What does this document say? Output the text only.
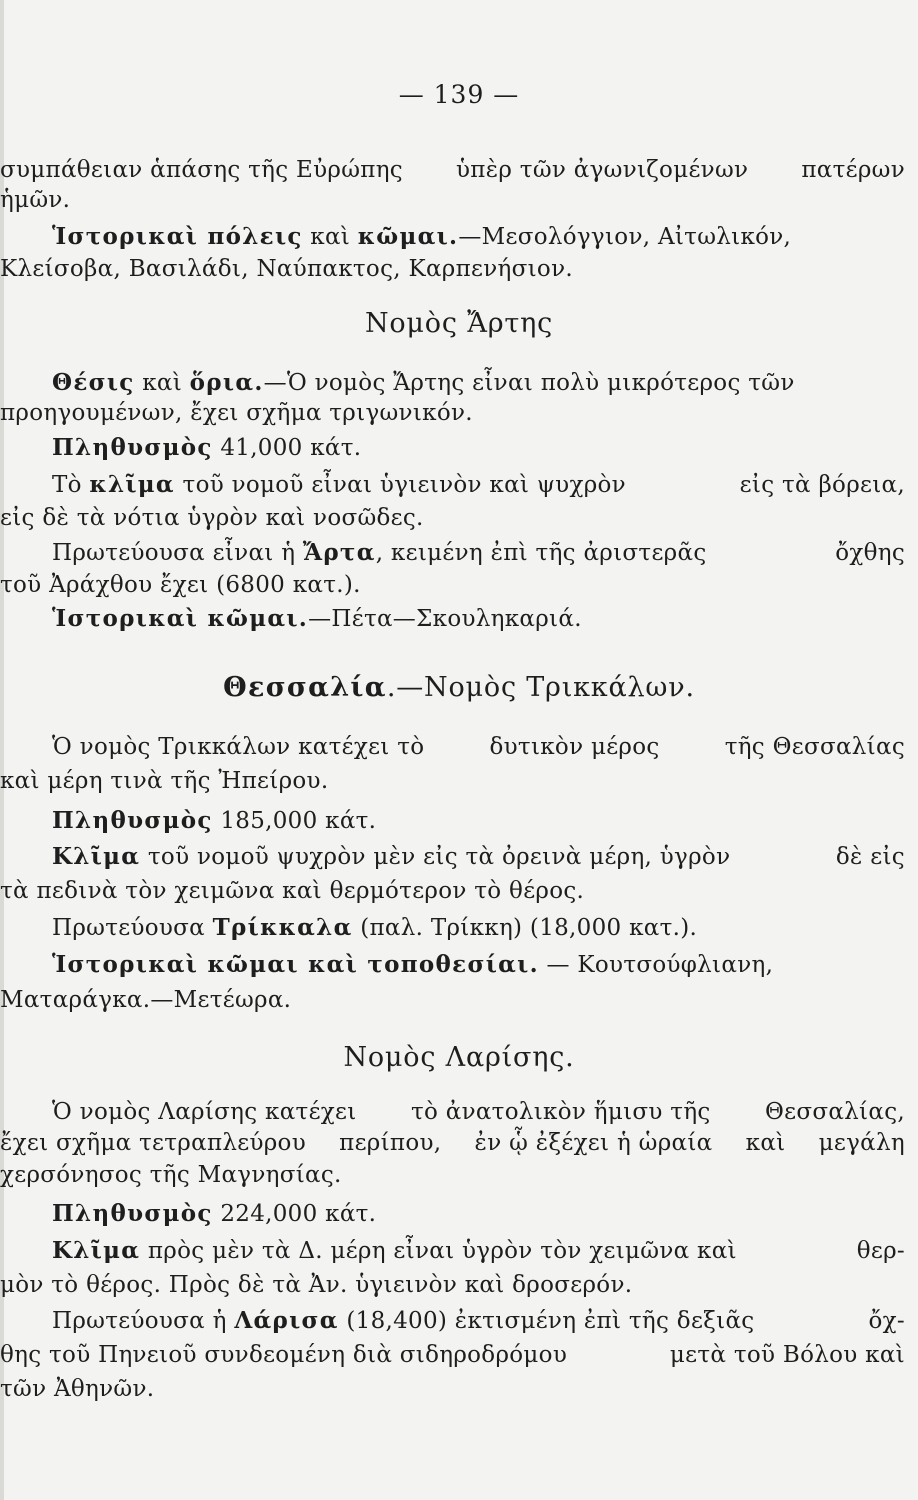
— 139 —
συμπάθειαν ἁπάσης τῆς Εὐρώπης ὑπὲρ τῶν ἀγωνιζομένων πατέρων
ἡμῶν.
Ἱστορικαὶ πόλεις καὶ κῶμαι.—Μεσολόγγιον, Αἰτωλικόν,
Κλείσοβα, Βασιλάδι, Ναύπακτος, Καρπενήσιον.
Νομὸς Ἄρτης
Θέσις καὶ ὅρια.—Ὁ νομὸς Ἄρτης εἶναι πολὺ μικρότερος τῶν
προηγουμένων, ἔχει σχῆμα τριγωνικόν.
Πληθυσμὸς 41,000 κάτ.
Τὸ κλῖμα τοῦ νομοῦ εἶναι ὑγιεινὸν καὶ ψυχρὸν	εἰς τὰ βόρεια,
εἰς δὲ τὰ νότια ὑγρὸν καὶ νοσῶδες.
Πρωτεύουσα εἶναι ἡ Ἄρτα, κειμένη ἐπὶ τῆς ἀριστερᾶς	ὄχθης
τοῦ Ἀράχθου ἔχει (6800 κατ.).
Ἱστορικαὶ κῶμαι.—Πέτα—Σκουληκαριά.
Θεσσαλία.—Νομὸς Τρικκάλων.
Ὁ νομὸς Τρικκάλων κατέχει τὸ	δυτικὸν μέρος	τῆς Θεσσαλίας
καὶ μέρη τινὰ τῆς Ἠπείρου.
Πληθυσμὸς 185,000 κάτ.
Κλῖμα τοῦ νομοῦ ψυχρὸν μὲν εἰς τὰ ὀρεινὰ μέρη, ὑγρὸν	δὲ εἰς
τὰ πεδινὰ τὸν χειμῶνα καὶ θερμότερον τὸ θέρος.
Πρωτεύουσα Τρίκκαλα (παλ. Τρίκκη) (18,000 κατ.).
Ἱστορικαὶ κῶμαι καὶ τοποθεσίαι. — Κουτσούφλιανη,
Ματαράγκα.—Μετέωρα.
Νομὸς Λαρίσης.
Ὁ νομὸς Λαρίσης κατέχει τὸ ἀνατολικὸν ἥμισυ τῆς Θεσσαλίας,
ἔχει σχῆμα τετραπλεύρου περίπου, ἐν ᾧ ἐξέχει ἡ ὡραία καὶ μεγάλη
χερσόνησος τῆς Μαγνησίας.
Πληθυσμὸς 224,000 κάτ.
Κλῖμα πρὸς μὲν τὰ Δ. μέρη εἶναι ὑγρὸν τὸν χειμῶνα καὶ	θερ-
μὸν τὸ θέρος. Πρὸς δὲ τὰ Ἀν. ὑγιεινὸν καὶ δροσερόν.
Πρωτεύουσα ἡ Λάρισα (18,400) ἐκτισμένη ἐπὶ τῆς δεξιᾶς	ὄχ-
θης τοῦ Πηνειοῦ συνδεομένη διὰ σιδηροδρόμου	μετὰ τοῦ Βόλου καὶ
τῶν Ἀθηνῶν.
